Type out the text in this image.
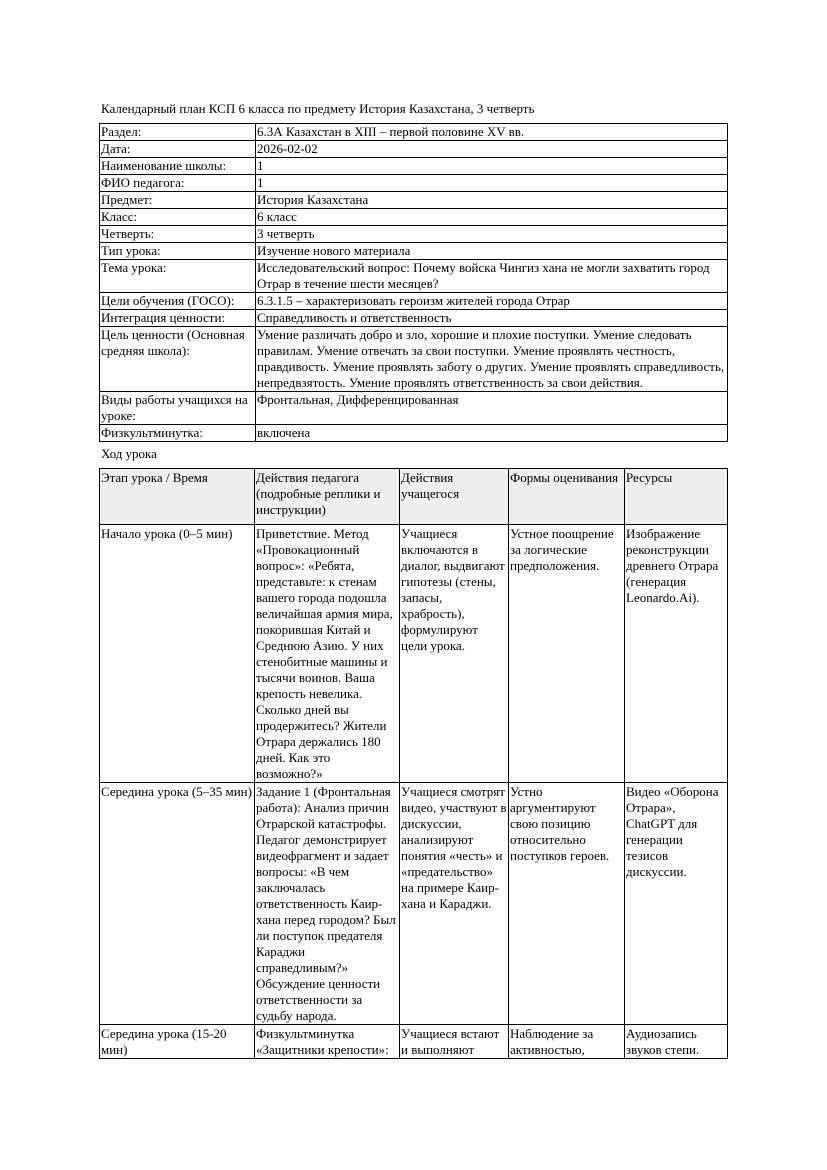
Календарный план КСП 6 класса по предмету История Казахстана, 3 четверть
Раздел:	6.3А Казахстан в XIII – первой половине XV вв.
Дата:	2026-02-02
Наименование школы:	1
ФИО педагога:	1
Предмет:	История Казахстана
Класс:	6 класс
Четверть:	3 четверть
Тип урока:	Изучение нового материала
Тема урока:	Исследовательский вопрос: Почему войска Чингиз хана не могли захватить город Отрар в течение шести месяцев?
Цели обучения (ГОСО):	6.3.1.5 – характеризовать героизм жителей города Отрар
Интеграция ценности:	Справедливость и ответственность
Цель ценности (Основная средняя школа):	Умение различать добро и зло, хорошие и плохие поступки. Умение следовать правилам. Умение отвечать за свои поступки. Умение проявлять честность, правдивость. Умение проявлять заботу о других. Умение проявлять справедливость, непредвзятость. Умение проявлять ответственность за свои действия.
Виды работы учащихся на уроке:	Фронтальная, Дифференцированная
Физкультминутка:	включена
Ход урока
Этап урока / Время	Действия педагога (подробные реплики и инструкции)	Действия учащегося	Формы оценивания	Ресурсы
Начало урока (0–5 мин)	Приветствие. Метод «Провокационный вопрос»: «Ребята, представьте: к стенам вашего города подошла величайшая армия мира, покорившая Китай и Среднюю Азию. У них стенобитные машины и тысячи воинов. Ваша крепость невелика. Сколько дней вы продержитесь? Жители Отрара держались 180 дней. Как это возможно?»	Учащиеся включаются в диалог, выдвигают гипотезы (стены, запасы, храбрость), формулируют цели урока.	Устное поощрение за логические предположения.	Изображение реконструкции древнего Отрара (генерация Leonardo.Ai).
Середина урока (5–35 мин)	Задание 1 (Фронтальная работа): Анализ причин Отрарской катастрофы. Педагог демонстрирует видеофрагмент и задает вопросы: «В чем заключалась ответственность Каир-хана перед городом? Был ли поступок предателя Караджи справедливым?» Обсуждение ценности ответственности за судьбу народа.	Учащиеся смотрят видео, участвуют в дискуссии, анализируют понятия «честь» и «предательство» на примере Каир-хана и Караджи.	Устно аргументируют свою позицию относительно поступков героев.	Видео «Оборона Отрара», ChatGPT для генерации тезисов дискуссии.
Середина урока (15-20 мин)	Физкультминутка «Защитники крепости»:	Учащиеся встают и выполняют	Наблюдение за активностью,	Аудиозапись звуков степи.
